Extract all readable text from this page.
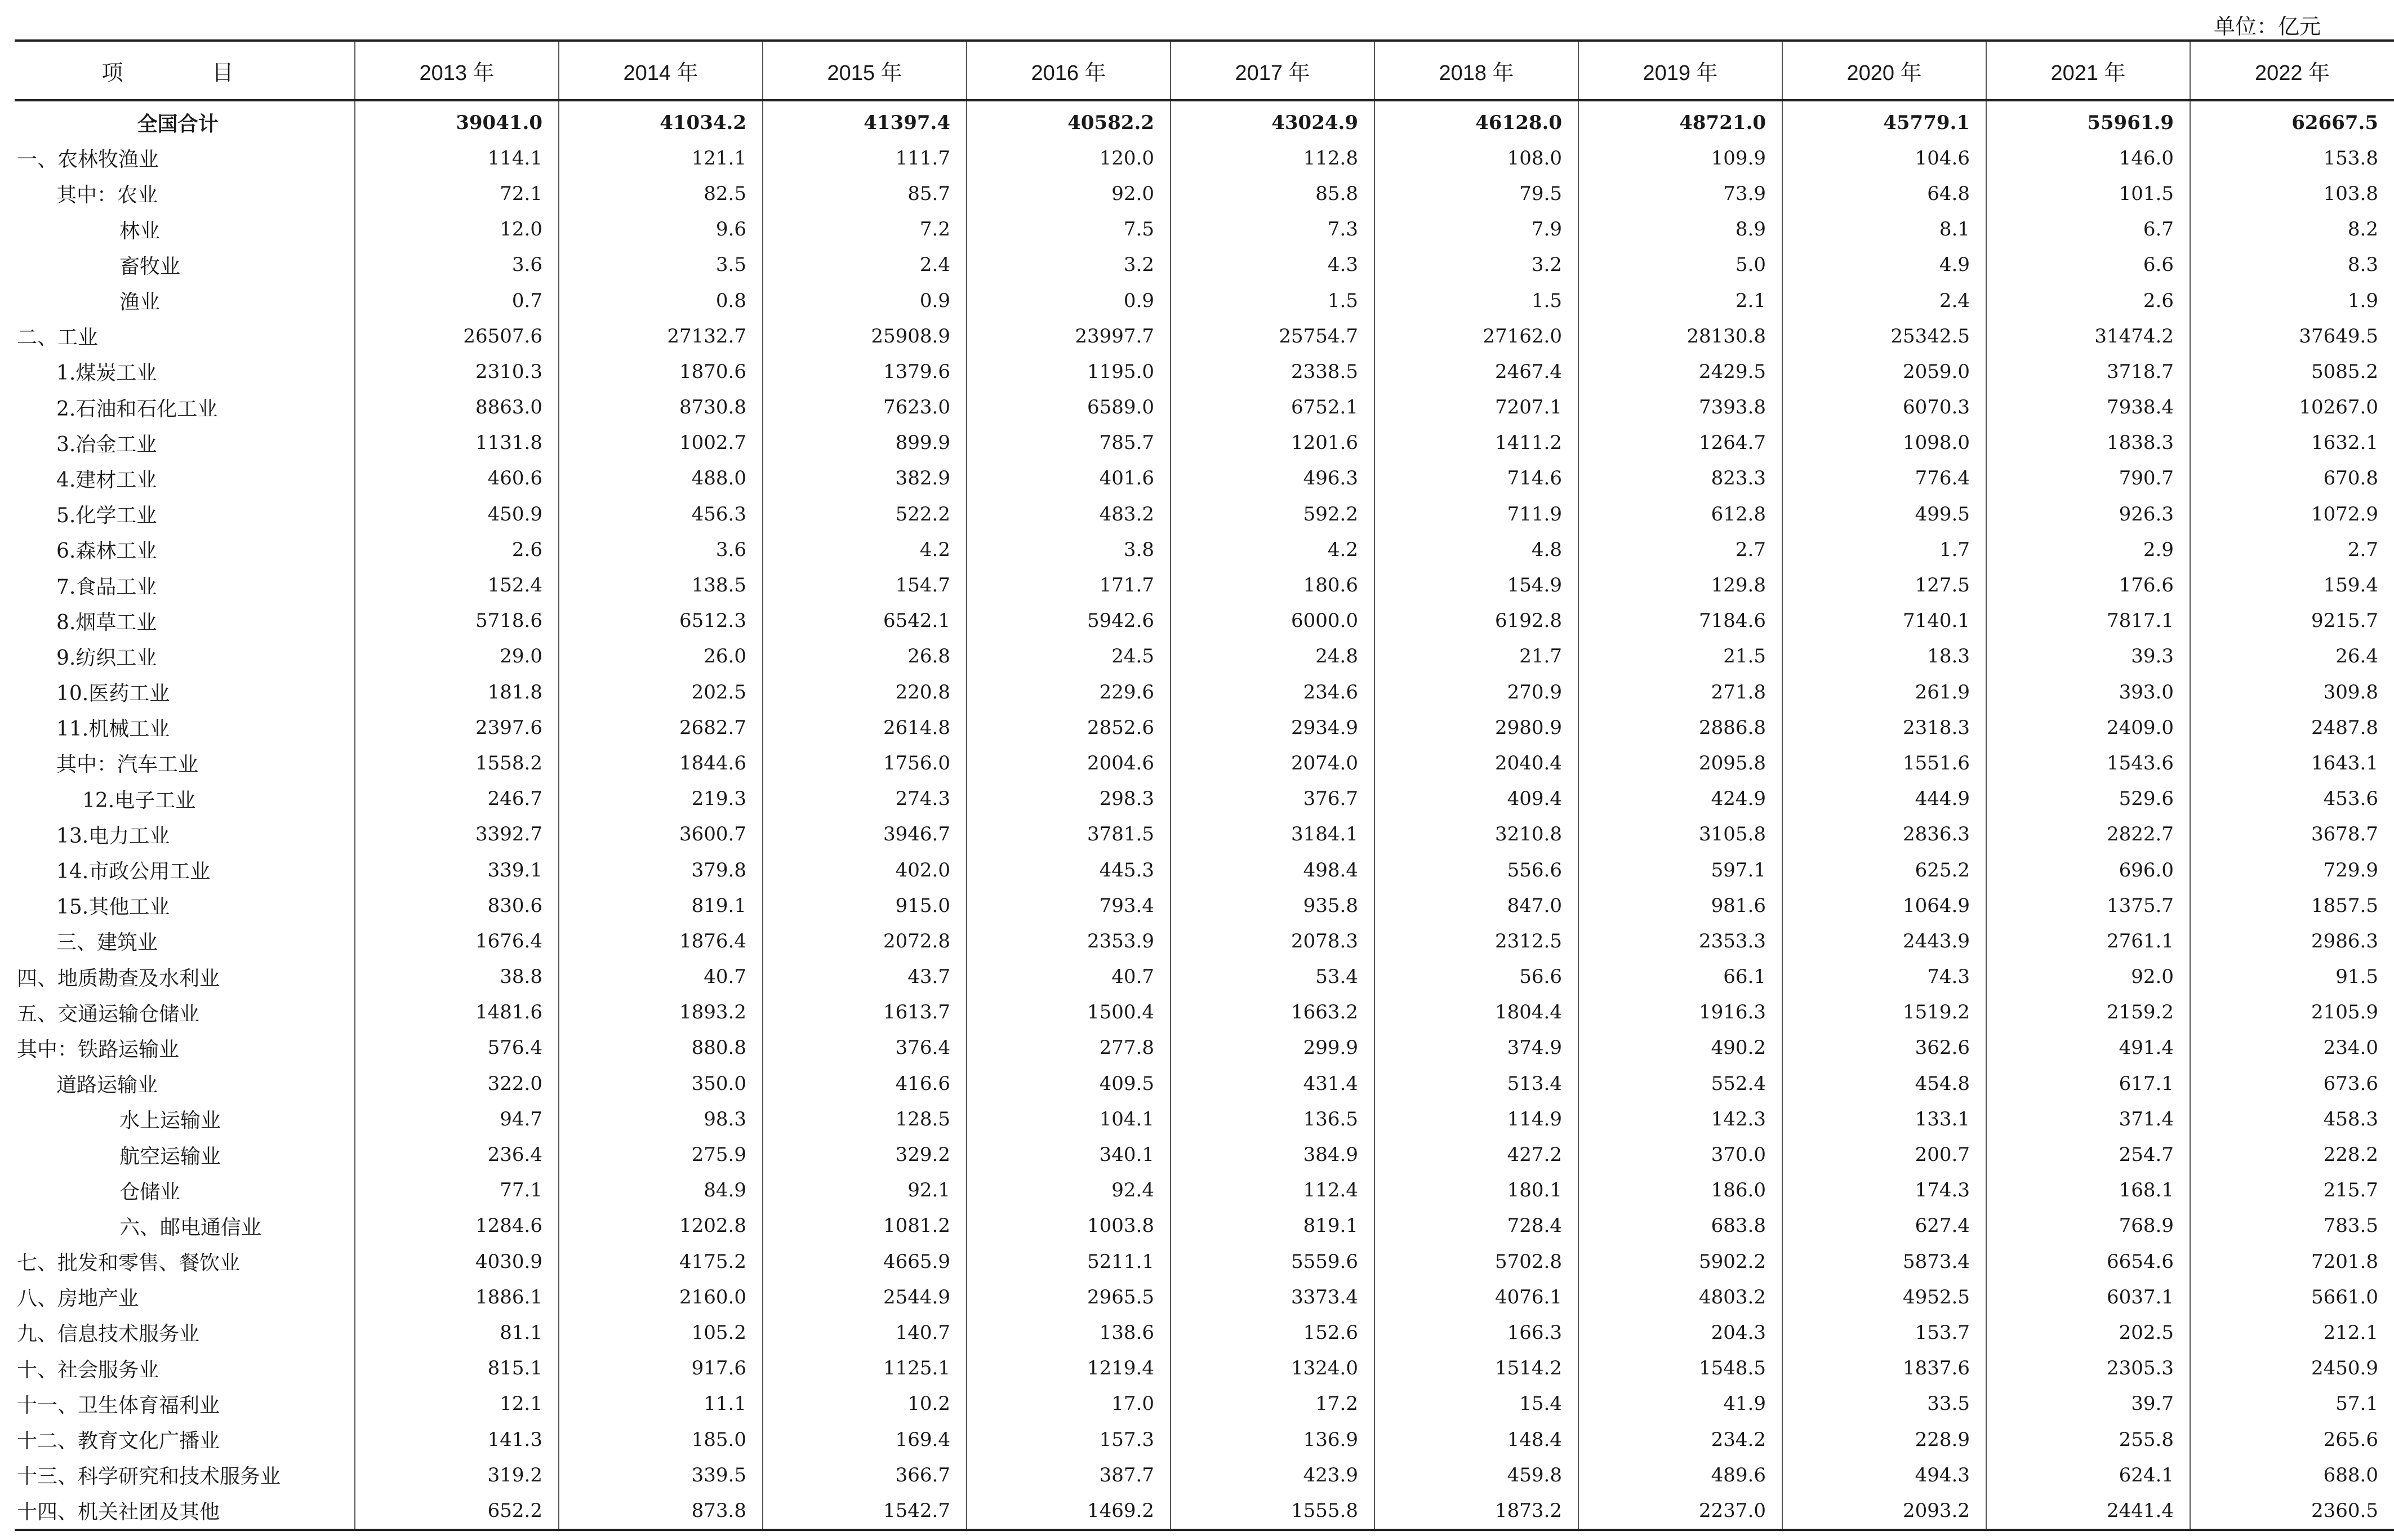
单位：亿元
项　目	2013 年	2014 年	2015 年	2016 年	2017 年	2018 年	2019 年	2020 年	2021 年	2022 年
全国合计	39041.0	41034.2	41397.4	40582.2	43024.9	46128.0	48721.0	45779.1	55961.9	62667.5
一、农林牧渔业	114.1	121.1	111.7	120.0	112.8	108.0	109.9	104.6	146.0	153.8
其中：农业	72.1	82.5	85.7	92.0	85.8	79.5	73.9	64.8	101.5	103.8
林业	12.0	9.6	7.2	7.5	7.3	7.9	8.9	8.1	6.7	8.2
畜牧业	3.6	3.5	2.4	3.2	4.3	3.2	5.0	4.9	6.6	8.3
渔业	0.7	0.8	0.9	0.9	1.5	1.5	2.1	2.4	2.6	1.9
二、工业	26507.6	27132.7	25908.9	23997.7	25754.7	27162.0	28130.8	25342.5	31474.2	37649.5
1.煤炭工业	2310.3	1870.6	1379.6	1195.0	2338.5	2467.4	2429.5	2059.0	3718.7	5085.2
2.石油和石化工业	8863.0	8730.8	7623.0	6589.0	6752.1	7207.1	7393.8	6070.3	7938.4	10267.0
3.冶金工业	1131.8	1002.7	899.9	785.7	1201.6	1411.2	1264.7	1098.0	1838.3	1632.1
4.建材工业	460.6	488.0	382.9	401.6	496.3	714.6	823.3	776.4	790.7	670.8
5.化学工业	450.9	456.3	522.2	483.2	592.2	711.9	612.8	499.5	926.3	1072.9
6.森林工业	2.6	3.6	4.2	3.8	4.2	4.8	2.7	1.7	2.9	2.7
7.食品工业	152.4	138.5	154.7	171.7	180.6	154.9	129.8	127.5	176.6	159.4
8.烟草工业	5718.6	6512.3	6542.1	5942.6	6000.0	6192.8	7184.6	7140.1	7817.1	9215.7
9.纺织工业	29.0	26.0	26.8	24.5	24.8	21.7	21.5	18.3	39.3	26.4
10.医药工业	181.8	202.5	220.8	229.6	234.6	270.9	271.8	261.9	393.0	309.8
11.机械工业	2397.6	2682.7	2614.8	2852.6	2934.9	2980.9	2886.8	2318.3	2409.0	2487.8
其中：汽车工业	1558.2	1844.6	1756.0	2004.6	2074.0	2040.4	2095.8	1551.6	1543.6	1643.1
12.电子工业	246.7	219.3	274.3	298.3	376.7	409.4	424.9	444.9	529.6	453.6
13.电力工业	3392.7	3600.7	3946.7	3781.5	3184.1	3210.8	3105.8	2836.3	2822.7	3678.7
14.市政公用工业	339.1	379.8	402.0	445.3	498.4	556.6	597.1	625.2	696.0	729.9
15.其他工业	830.6	819.1	915.0	793.4	935.8	847.0	981.6	1064.9	1375.7	1857.5
三、建筑业	1676.4	1876.4	2072.8	2353.9	2078.3	2312.5	2353.3	2443.9	2761.1	2986.3
四、地质勘查及水利业	38.8	40.7	43.7	40.7	53.4	56.6	66.1	74.3	92.0	91.5
五、交通运输仓储业	1481.6	1893.2	1613.7	1500.4	1663.2	1804.4	1916.3	1519.2	2159.2	2105.9
其中：铁路运输业	576.4	880.8	376.4	277.8	299.9	374.9	490.2	362.6	491.4	234.0
道路运输业	322.0	350.0	416.6	409.5	431.4	513.4	552.4	454.8	617.1	673.6
水上运输业	94.7	98.3	128.5	104.1	136.5	114.9	142.3	133.1	371.4	458.3
航空运输业	236.4	275.9	329.2	340.1	384.9	427.2	370.0	200.7	254.7	228.2
仓储业	77.1	84.9	92.1	92.4	112.4	180.1	186.0	174.3	168.1	215.7
六、邮电通信业	1284.6	1202.8	1081.2	1003.8	819.1	728.4	683.8	627.4	768.9	783.5
七、批发和零售、餐饮业	4030.9	4175.2	4665.9	5211.1	5559.6	5702.8	5902.2	5873.4	6654.6	7201.8
八、房地产业	1886.1	2160.0	2544.9	2965.5	3373.4	4076.1	4803.2	4952.5	6037.1	5661.0
九、信息技术服务业	81.1	105.2	140.7	138.6	152.6	166.3	204.3	153.7	202.5	212.1
十、社会服务业	815.1	917.6	1125.1	1219.4	1324.0	1514.2	1548.5	1837.6	2305.3	2450.9
十一、卫生体育福利业	12.1	11.1	10.2	17.0	17.2	15.4	41.9	33.5	39.7	57.1
十二、教育文化广播业	141.3	185.0	169.4	157.3	136.9	148.4	234.2	228.9	255.8	265.6
十三、科学研究和技术服务业	319.2	339.5	366.7	387.7	423.9	459.8	489.6	494.3	624.1	688.0
十四、机关社团及其他	652.2	873.8	1542.7	1469.2	1555.8	1873.2	2237.0	2093.2	2441.4	2360.5
